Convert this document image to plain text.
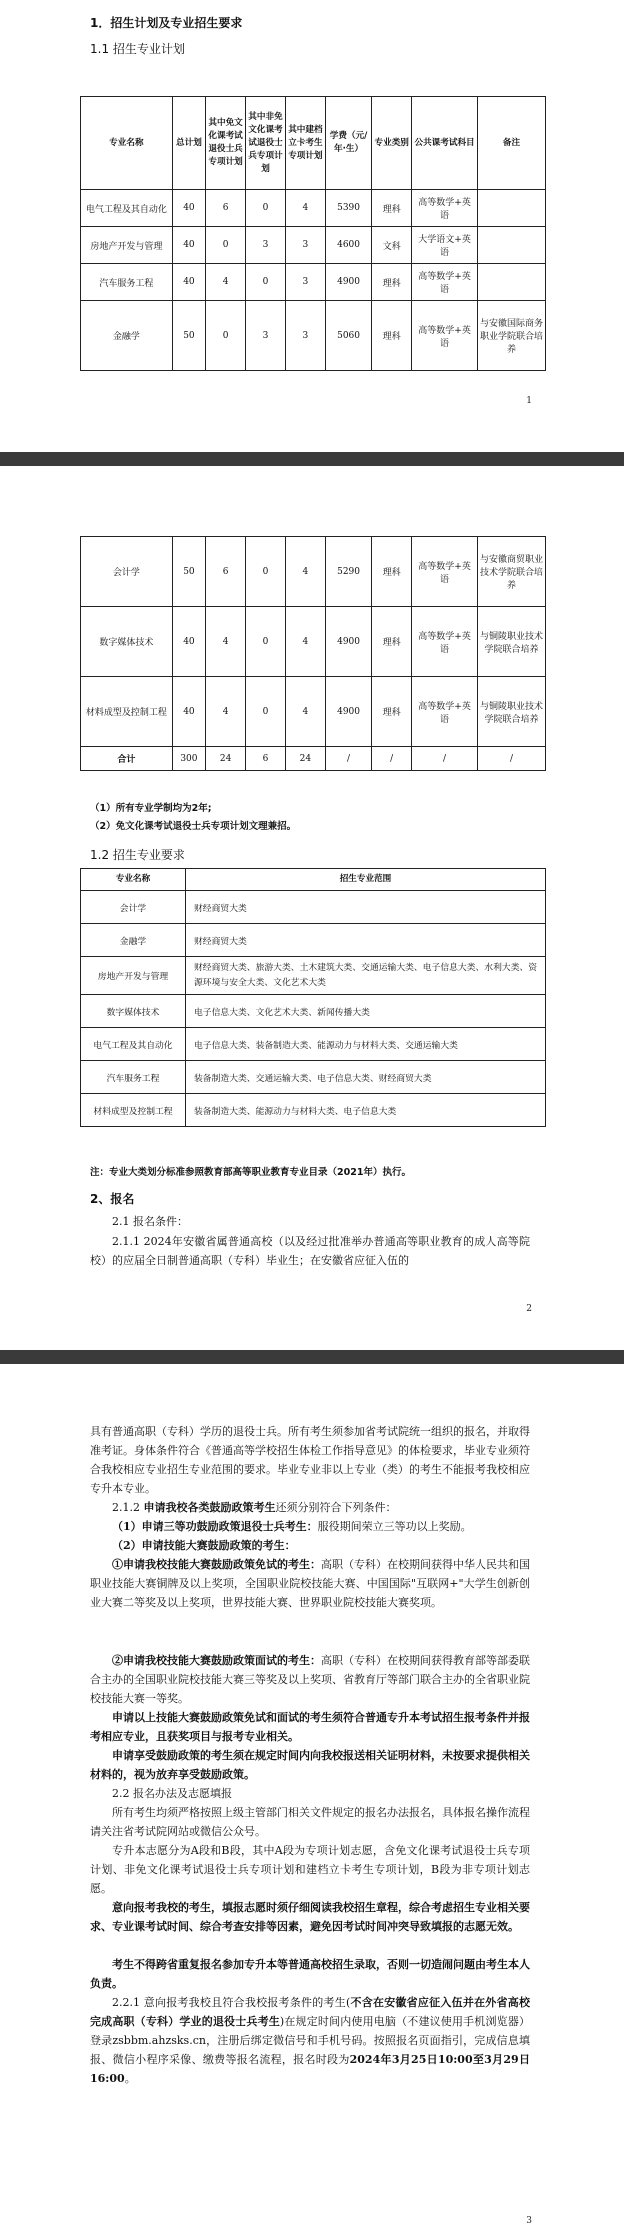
1．招生计划及专业招生要求
1.1 招生专业计划
专业名称	总计划	其中免文化课考试退役士兵专项计划	其中非免文化课考试退役士兵专项计划	其中建档立卡考生专项计划	学费（元/年·生）	专业类别	公共课考试科目	备注
电气工程及其自动化	40	6	0	4	5390	理科	高等数学+英语	
房地产开发与管理	40	0	3	3	4600	文科	大学语文+英语	
汽车服务工程	40	4	0	3	4900	理科	高等数学+英语	
金融学	50	0	3	3	5060	理科	高等数学+英语	与安徽国际商务职业学院联合培养
1
会计学	50	6	0	4	5290	理科	高等数学+英语	与安徽商贸职业技术学院联合培养
数字媒体技术	40	4	0	4	4900	理科	高等数学+英语	与铜陵职业技术学院联合培养
材料成型及控制工程	40	4	0	4	4900	理科	高等数学+英语	与铜陵职业技术学院联合培养
合计	300	24	6	24	/	/	/	/
（1）所有专业学制均为2年;
（2）免文化课考试退役士兵专项计划文理兼招。
1.2 招生专业要求
专业名称	招生专业范围
会计学	财经商贸大类
金融学	财经商贸大类
房地产开发与管理	财经商贸大类、旅游大类、土木建筑大类、交通运输大类、电子信息大类、水利大类、资源环境与安全大类、文化艺术大类
数字媒体技术	电子信息大类、文化艺术大类、新闻传播大类
电气工程及其自动化	电子信息大类、装备制造大类、能源动力与材料大类、交通运输大类
汽车服务工程	装备制造大类、交通运输大类、电子信息大类、财经商贸大类
材料成型及控制工程	装备制造大类、能源动力与材料大类、电子信息大类
注：专业大类划分标准参照教育部高等职业教育专业目录（2021年）执行。
2、报名
2.1 报名条件：
2.1.1 2024年安徽省属普通高校（以及经过批准举办普通高等职业教育的成人高等院校）的应届全日制普通高职（专科）毕业生；在安徽省应征入伍的
2
具有普通高职（专科）学历的退役士兵。所有考生须参加省考试院统一组织的报名，并取得准考证。身体条件符合《普通高等学校招生体检工作指导意见》的体检要求，毕业专业须符合我校相应专业招生专业范围的要求。毕业专业非以上专业（类）的考生不能报考我校相应专升本专业。
2.1.2 申请我校各类鼓励政策考生还须分别符合下列条件：
（1）申请三等功鼓励政策退役士兵考生：服役期间荣立三等功以上奖励。
（2）申请技能大赛鼓励政策的考生：
①申请我校技能大赛鼓励政策免试的考生：高职（专科）在校期间获得中华人民共和国职业技能大赛铜牌及以上奖项，全国职业院校技能大赛、中国国际"互联网+"大学生创新创业大赛二等奖及以上奖项，世界技能大赛、世界职业院校技能大赛奖项。
②申请我校技能大赛鼓励政策面试的考生：高职（专科）在校期间获得教育部等部委联合主办的全国职业院校技能大赛三等奖及以上奖项、省教育厅等部门联合主办的全省职业院校技能大赛一等奖。
申请以上技能大赛鼓励政策免试和面试的考生须符合普通专升本考试招生报考条件并报考相应专业，且获奖项目与报考专业相关。
申请享受鼓励政策的考生须在规定时间内向我校报送相关证明材料，未按要求提供相关材料的，视为放弃享受鼓励政策。
2.2 报名办法及志愿填报
所有考生均须严格按照上级主管部门相关文件规定的报名办法报名，具体报名操作流程请关注省考试院网站或微信公众号。
专升本志愿分为A段和B段，其中A段为专项计划志愿，含免文化课考试退役士兵专项计划、非免文化课考试退役士兵专项计划和建档立卡考生专项计划，B段为非专项计划志愿。
意向报考我校的考生，填报志愿时须仔细阅读我校招生章程，综合考虑招生专业相关要求、专业课考试时间、综合考查安排等因素，避免因考试时间冲突导致填报的志愿无效。
考生不得跨省重复报名参加专升本等普通高校招生录取，否则一切造闹问题由考生本人负责。
2.2.1 意向报考我校且符合我校报考条件的考生(不含在安徽省应征入伍并在外省高校完成高职（专科）学业的退役士兵考生)在规定时间内使用电脑（不建议使用手机浏览器）登录zsbbm.ahzsks.cn，注册后绑定微信号和手机号码。按照报名页面指引，完成信息填报、微信小程序采像、缴费等报名流程，报名时段为2024年3月25日10:00至3月29日16:00。
3
